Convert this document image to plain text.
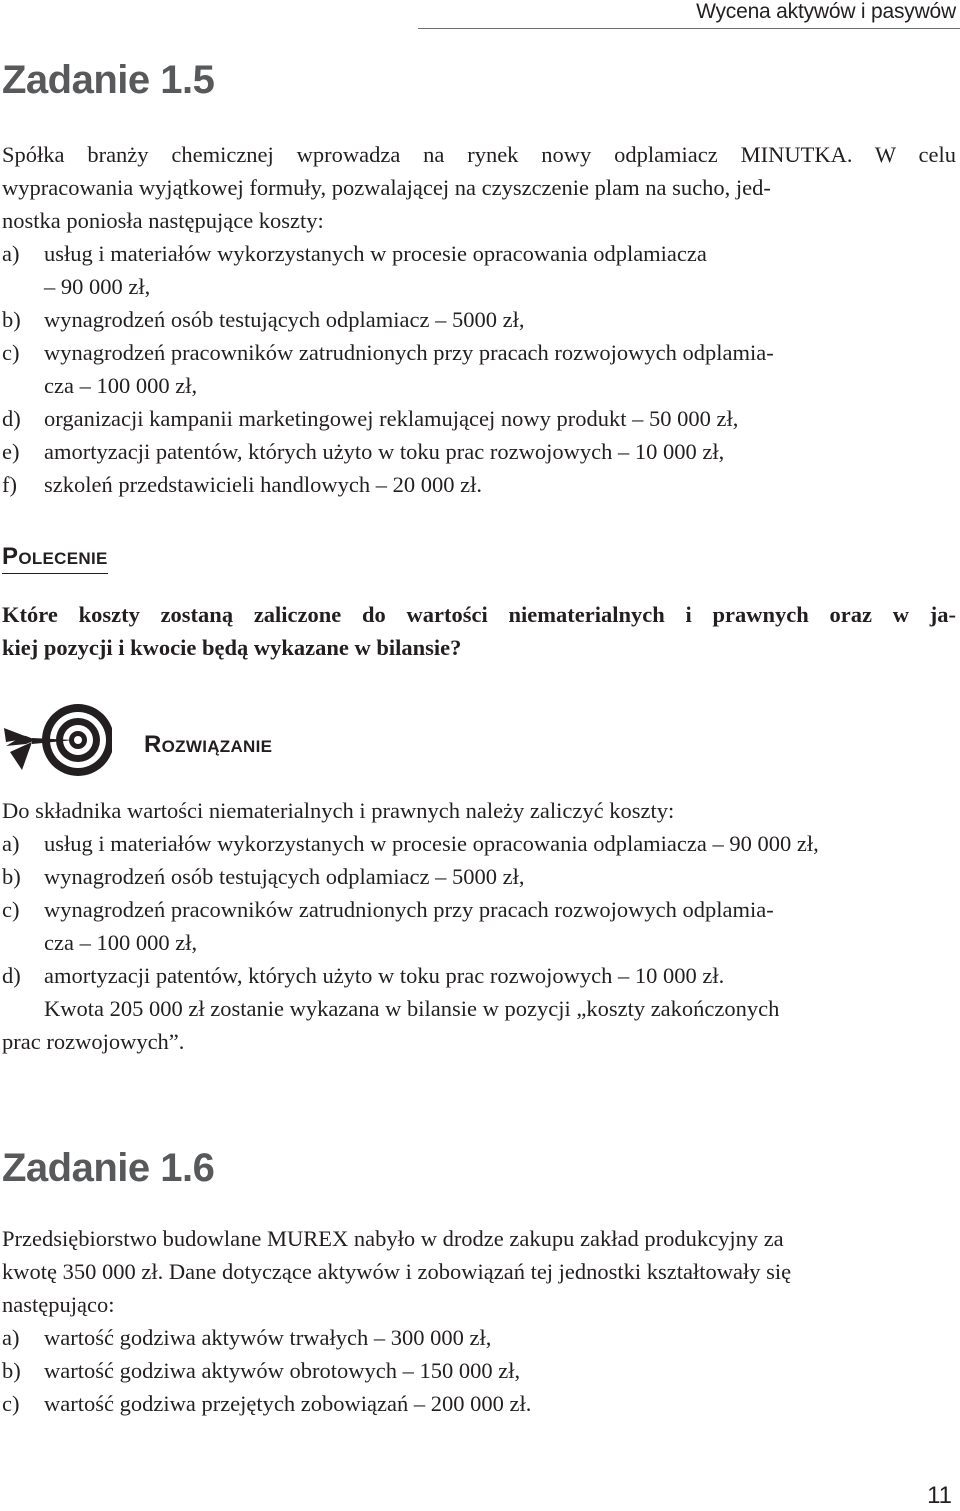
Wycena aktywów i pasywów
Zadanie 1.5
Spółka branży chemicznej wprowadza na rynek nowy odplamiacz MINUTKA. W celu
wypracowania wyjątkowej formuły, pozwalającej na czyszczenie plam na sucho, jed-
nostka poniosła następujące koszty:
a) usług i materiałów wykorzystanych w procesie opracowania odplamiacza
– 90 000 zł,
b) wynagrodzeń osób testujących odplamiacz – 5000 zł,
c) wynagrodzeń pracowników zatrudnionych przy pracach rozwojowych odplamia-
cza – 100 000 zł,
d) organizacji kampanii marketingowej reklamującej nowy produkt – 50 000 zł,
e) amortyzacji patentów, których użyto w toku prac rozwojowych – 10 000 zł,
f) szkoleń przedstawicieli handlowych – 20 000 zł.
POLECENIE
Które koszty zostaną zaliczone do wartości niematerialnych i prawnych oraz w ja-
kiej pozycji i kwocie będą wykazane w bilansie?
ROZWIĄZANIE
Do składnika wartości niematerialnych i prawnych należy zaliczyć koszty:
a) usług i materiałów wykorzystanych w procesie opracowania odplamiacza – 90 000 zł,
b) wynagrodzeń osób testujących odplamiacz – 5000 zł,
c) wynagrodzeń pracowników zatrudnionych przy pracach rozwojowych odplamia-
cza – 100 000 zł,
d) amortyzacji patentów, których użyto w toku prac rozwojowych – 10 000 zł.
Kwota 205 000 zł zostanie wykazana w bilansie w pozycji „koszty zakończonych
prac rozwojowych”.
Zadanie 1.6
Przedsiębiorstwo budowlane MUREX nabyło w drodze zakupu zakład produkcyjny za
kwotę 350 000 zł. Dane dotyczące aktywów i zobowiązań tej jednostki kształtowały się
następująco:
a) wartość godziwa aktywów trwałych – 300 000 zł,
b) wartość godziwa aktywów obrotowych – 150 000 zł,
c) wartość godziwa przejętych zobowiązań – 200 000 zł.
11
